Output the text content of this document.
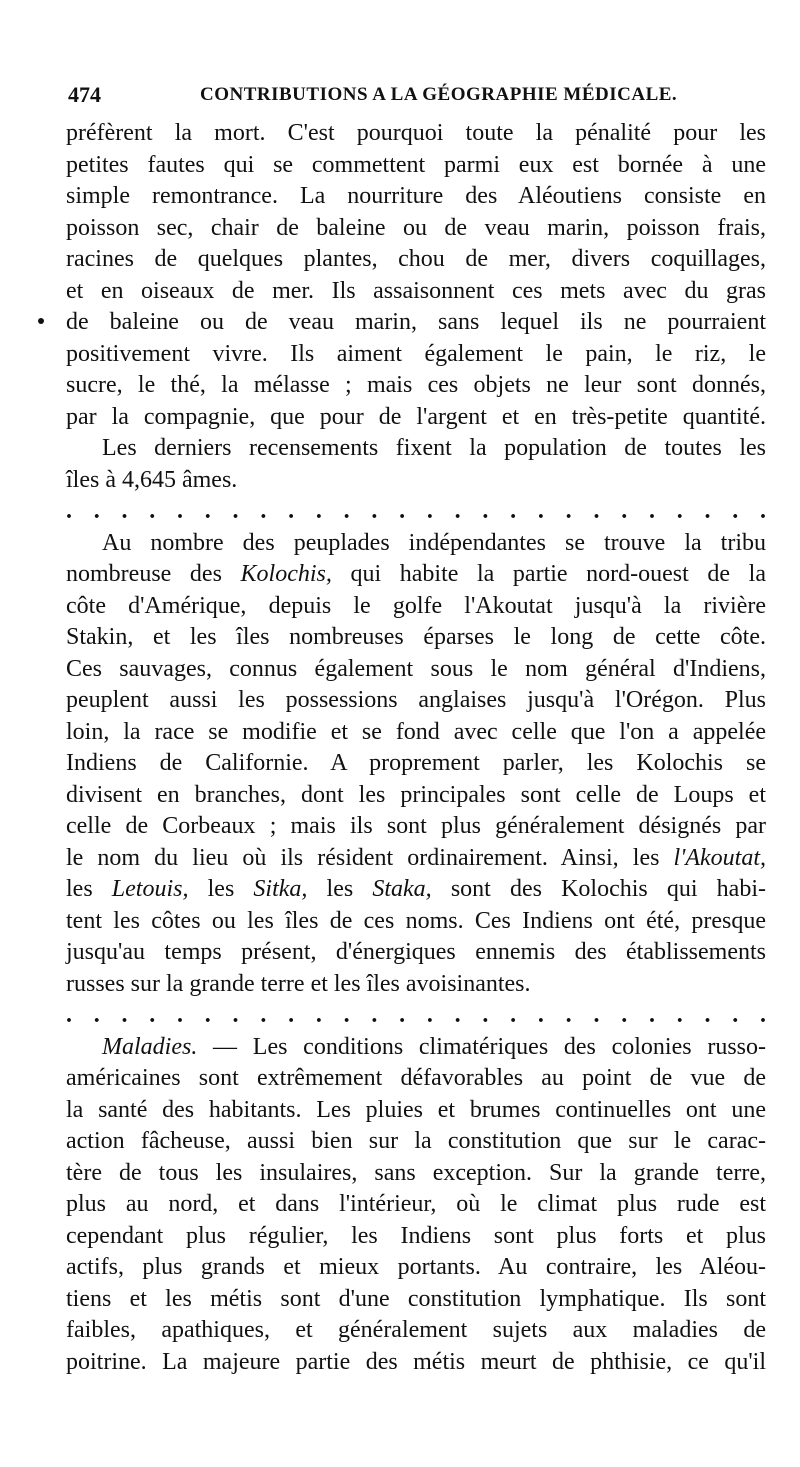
474	CONTRIBUTIONS A LA GÉOGRAPHIE MÉDICALE.
préfèrent la mort. C'est pourquoi toute la pénalité pour les
petites fautes qui se commettent parmi eux est bornée à une
simple remontrance. La nourriture des Aléoutiens consiste en
poisson sec, chair de baleine ou de veau marin, poisson frais,
racines de quelques plantes, chou de mer, divers coquillages,
et en oiseaux de mer. Ils assaisonnent ces mets avec du gras
de baleine ou de veau marin, sans lequel ils ne pourraient
positivement vivre. Ils aiment également le pain, le riz, le
sucre, le thé, la mélasse ; mais ces objets ne leur sont donnés,
par la compagnie, que pour de l'argent et en très-petite quantité.
Les derniers recensements fixent la population de toutes les
îles à 4,645 âmes.
. . . . . . . . . . . . . . . . . . . . . . . . . .
Au nombre des peuplades indépendantes se trouve la tribu
nombreuse des Kolochis, qui habite la partie nord-ouest de la
côte d'Amérique, depuis le golfe l'Akoutat jusqu'à la rivière
Stakin, et les îles nombreuses éparses le long de cette côte.
Ces sauvages, connus également sous le nom général d'Indiens,
peuplent aussi les possessions anglaises jusqu'à l'Orégon. Plus
loin, la race se modifie et se fond avec celle que l'on a appelée
Indiens de Californie. A proprement parler, les Kolochis se
divisent en branches, dont les principales sont celle de Loups et
celle de Corbeaux ; mais ils sont plus généralement désignés par
le nom du lieu où ils résident ordinairement. Ainsi, les l'Akoutat,
les Letouis, les Sitka, les Staka, sont des Kolochis qui habi-
tent les côtes ou les îles de ces noms. Ces Indiens ont été, presque
jusqu'au temps présent, d'énergiques ennemis des établissements
russes sur la grande terre et les îles avoisinantes.
. . . . . . . . . . . . . . . . . . . . . . . . . .
Maladies. — Les conditions climatériques des colonies russo-
américaines sont extrêmement défavorables au point de vue de
la santé des habitants. Les pluies et brumes continuelles ont une
action fâcheuse, aussi bien sur la constitution que sur le carac-
tère de tous les insulaires, sans exception. Sur la grande terre,
plus au nord, et dans l'intérieur, où le climat plus rude est
cependant plus régulier, les Indiens sont plus forts et plus
actifs, plus grands et mieux portants. Au contraire, les Aléou-
tiens et les métis sont d'une constitution lymphatique. Ils sont
faibles, apathiques, et généralement sujets aux maladies de
poitrine. La majeure partie des métis meurt de phthisie, ce qu'il
